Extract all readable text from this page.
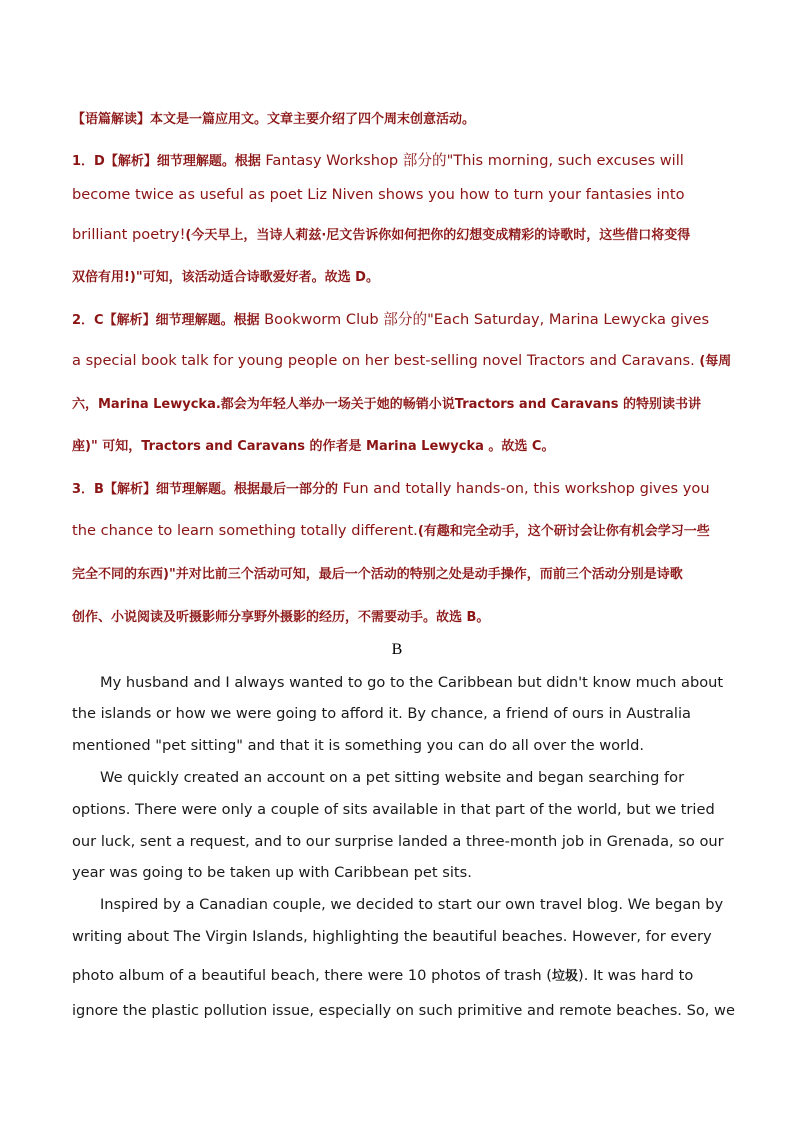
【语篇解读】本文是一篇应用文。文章主要介绍了四个周末创意活动。
1．D【解析】细节理解题。根据 Fantasy Workshop 部分的"This morning, such excuses will
become twice as useful as poet Liz Niven shows you how to turn your fantasies into
brilliant poetry!(今天早上，当诗人莉兹·尼文告诉你如何把你的幻想变成精彩的诗歌时，这些借口将变得
双倍有用!)"可知，该活动适合诗歌爱好者。故选 D。
2．C【解析】细节理解题。根据 Bookworm Club 部分的"Each Saturday, Marina Lewycka gives
a special book talk for young people on her best-selling novel Tractors and Caravans. (每周
六，Marina Lewycka.都会为年轻人举办一场关于她的畅销小说Tractors and Caravans 的特别读书讲
座)" 可知，Tractors and Caravans 的作者是 Marina Lewycka 。故选 C。
3．B【解析】细节理解题。根据最后一部分的 Fun and totally hands-on, this workshop gives you
the chance to learn something totally different.(有趣和完全动手，这个研讨会让你有机会学习一些
完全不同的东西)"并对比前三个活动可知，最后一个活动的特别之处是动手操作，而前三个活动分别是诗歌
创作、小说阅读及听摄影师分享野外摄影的经历，不需要动手。故选 B。
B
My husband and I always wanted to go to the Caribbean but didn't know much about
the islands or how we were going to afford it. By chance, a friend of ours in Australia
mentioned "pet sitting" and that it is something you can do all over the world.
We quickly created an account on a pet sitting website and began searching for
options. There were only a couple of sits available in that part of the world, but we tried
our luck, sent a request, and to our surprise landed a three-month job in Grenada, so our
year was going to be taken up with Caribbean pet sits.
Inspired by a Canadian couple, we decided to start our own travel blog. We began by
writing about The Virgin Islands, highlighting the beautiful beaches. However, for every
photo album of a beautiful beach, there were 10 photos of trash (垃圾). It was hard to
ignore the plastic pollution issue, especially on such primitive and remote beaches. So, we
